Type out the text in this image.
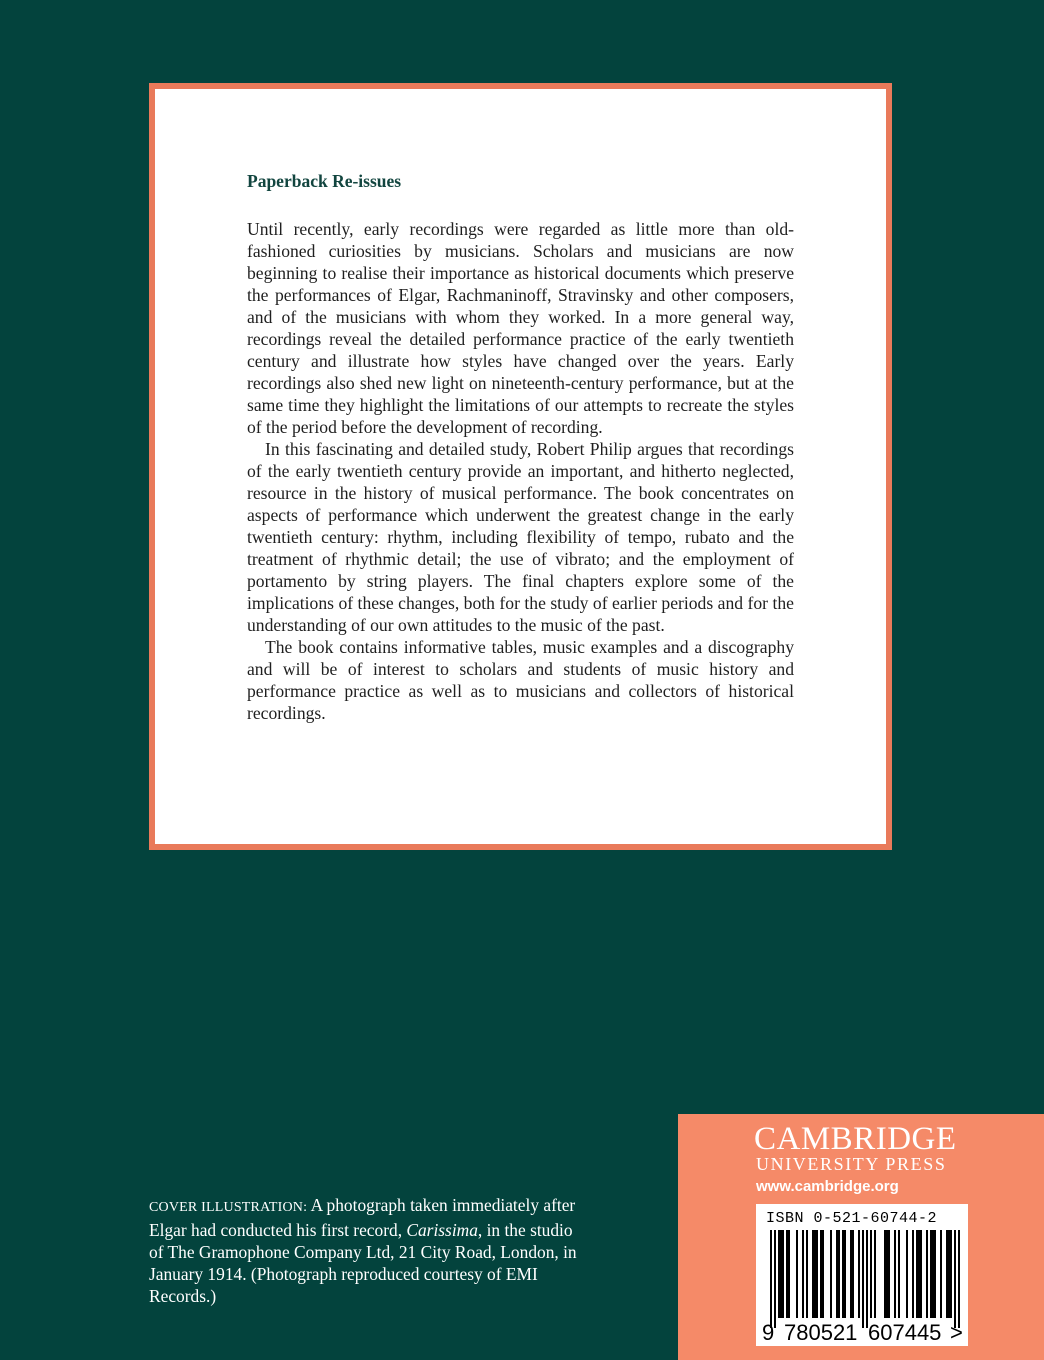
Paperback Re-issues

Until recently, early recordings were regarded as little more than old-fashioned curiosities by musicians. Scholars and musicians are now beginning to realise their importance as historical documents which preserve the performances of Elgar, Rachmaninoff, Stravinsky and other composers, and of the musicians with whom they worked. In a more general way, recordings reveal the detailed performance practice of the early twentieth century and illustrate how styles have changed over the years. Early recordings also shed new light on nineteenth-century performance, but at the same time they highlight the limitations of our attempts to recreate the styles of the period before the development of recording.

In this fascinating and detailed study, Robert Philip argues that recordings of the early twentieth century provide an important, and hitherto neglected, resource in the history of musical performance. The book concentrates on aspects of performance which underwent the greatest change in the early twentieth century: rhythm, including flexibility of tempo, rubato and the treatment of rhythmic detail; the use of vibrato; and the employment of portamento by string players. The final chapters explore some of the implications of these changes, both for the study of earlier periods and for the understanding of our own attitudes to the music of the past.

The book contains informative tables, music examples and a discography and will be of interest to scholars and students of music history and performance practice as well as to musicians and collectors of historical recordings.

COVER ILLUSTRATION: A photograph taken immediately after Elgar had conducted his first record, Carissima, in the studio of The Gramophone Company Ltd, 21 City Road, London, in January 1914. (Photograph reproduced courtesy of EMI Records.)
CAMBRIDGE
UNIVERSITY PRESS
www.cambridge.org
ISBN 0-521-60744-2
9 780521 607445 >
